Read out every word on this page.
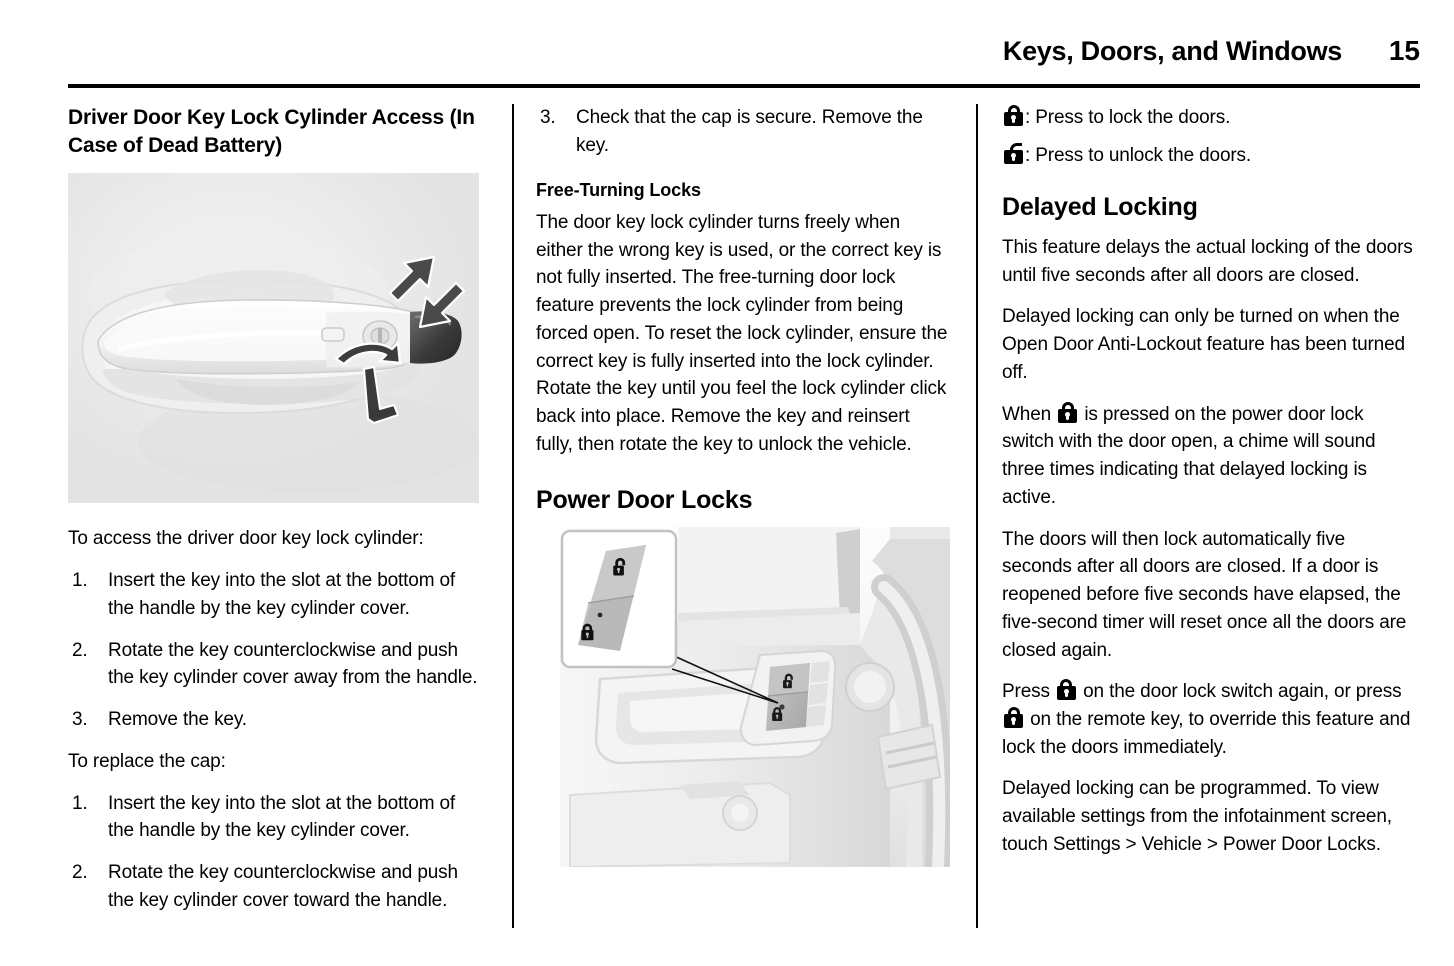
Keys, Doors, and Windows 15
Driver Door Key Lock Cylinder Access (In Case of Dead Battery)

To access the driver door key lock cylinder:

1. Insert the key into the slot at the bottom of the handle by the key cylinder cover.
2. Rotate the key counterclockwise and push the key cylinder cover away from the handle.
3. Remove the key.

To replace the cap:

1. Insert the key into the slot at the bottom of the handle by the key cylinder cover.
2. Rotate the key counterclockwise and push the key cylinder cover toward the handle.
3. Check that the cap is secure. Remove the key.
Free-Turning Locks

The door key lock cylinder turns freely when either the wrong key is used, or the correct key is not fully inserted. The free-turning door lock feature prevents the lock cylinder from being forced open. To reset the lock cylinder, ensure the correct key is fully inserted into the lock cylinder. Rotate the key until you feel the lock cylinder click back into place. Remove the key and reinsert fully, then rotate the key to unlock the vehicle.

Power Door Locks
: Press to lock the doors.
: Press to unlock the doors.
Delayed Locking

This feature delays the actual locking of the doors until five seconds after all doors are closed.

Delayed locking can only be turned on when the Open Door Anti-Lockout feature has been turned off.

When is pressed on the power door lock switch with the door open, a chime will sound three times indicating that delayed locking is active.

The doors will then lock automatically five seconds after all doors are closed. If a door is reopened before five seconds have elapsed, the five-second timer will reset once all the doors are closed again.

Press on the door lock switch again, or press
on the remote key, to override this feature and lock the doors immediately.

Delayed locking can be programmed. To view available settings from the infotainment screen, touch Settings > Vehicle > Power Door Locks.
